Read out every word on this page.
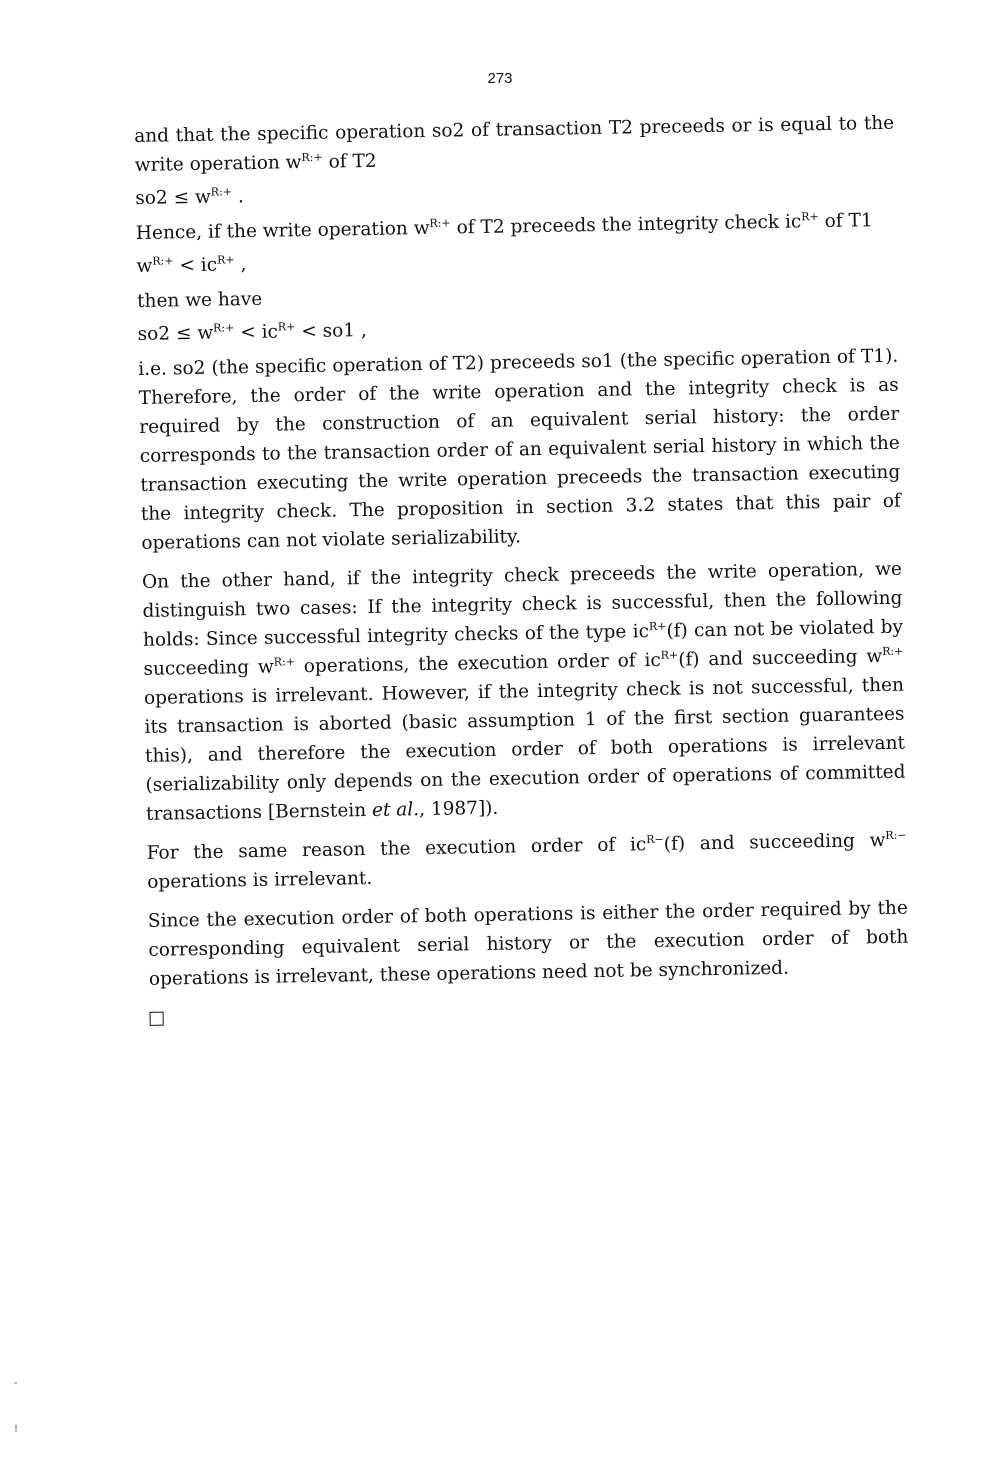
273

and that the specific operation so2 of transaction T2 preceeds or is equal to the write operation $w^{R:+}$ of T2

$so2 \le w^{R:+}$ .

Hence, if the write operation $w^{R:+}$ of T2 preceeds the integrity check $ic^{R+}$ of T1

$w^{R:+} < ic^{R+}$ ,

then we have

$so2 \le w^{R:+} < ic^{R+} < so1$ ,

i.e. so2 (the specific operation of T2) preceeds so1 (the specific operation of T1). Therefore, the order of the write operation and the integrity check is as required by the construction of an equivalent serial history: the order corresponds to the transaction order of an equivalent serial history in which the transaction executing the write operation preceeds the transaction executing the integrity check. The proposition in section 3.2 states that this pair of operations can not violate serializability.

On the other hand, if the integrity check preceeds the write operation, we distinguish two cases: If the integrity check is successful, then the following holds: Since successful integrity checks of the type $ic^{R+}(f)$ can not be violated by succeeding $w^{R:+}$ operations, the execution order of $ic^{R+}(f)$ and succeeding $w^{R:+}$ operations is irrelevant. However, if the integrity check is not successful, then its transaction is aborted (basic assumption 1 of the first section guarantees this), and therefore the execution order of both operations is irrelevant (serializability only depends on the execution order of operations of committed transactions [Bernstein et al., 1987]).

For the same reason the execution order of $ic^{R-}(f)$ and succeeding $w^{R:-}$ operations is irrelevant.

Since the execution order of both operations is either the order required by the corresponding equivalent serial history or the execution order of both operations is irrelevant, these operations need not be synchronized.

-
!
